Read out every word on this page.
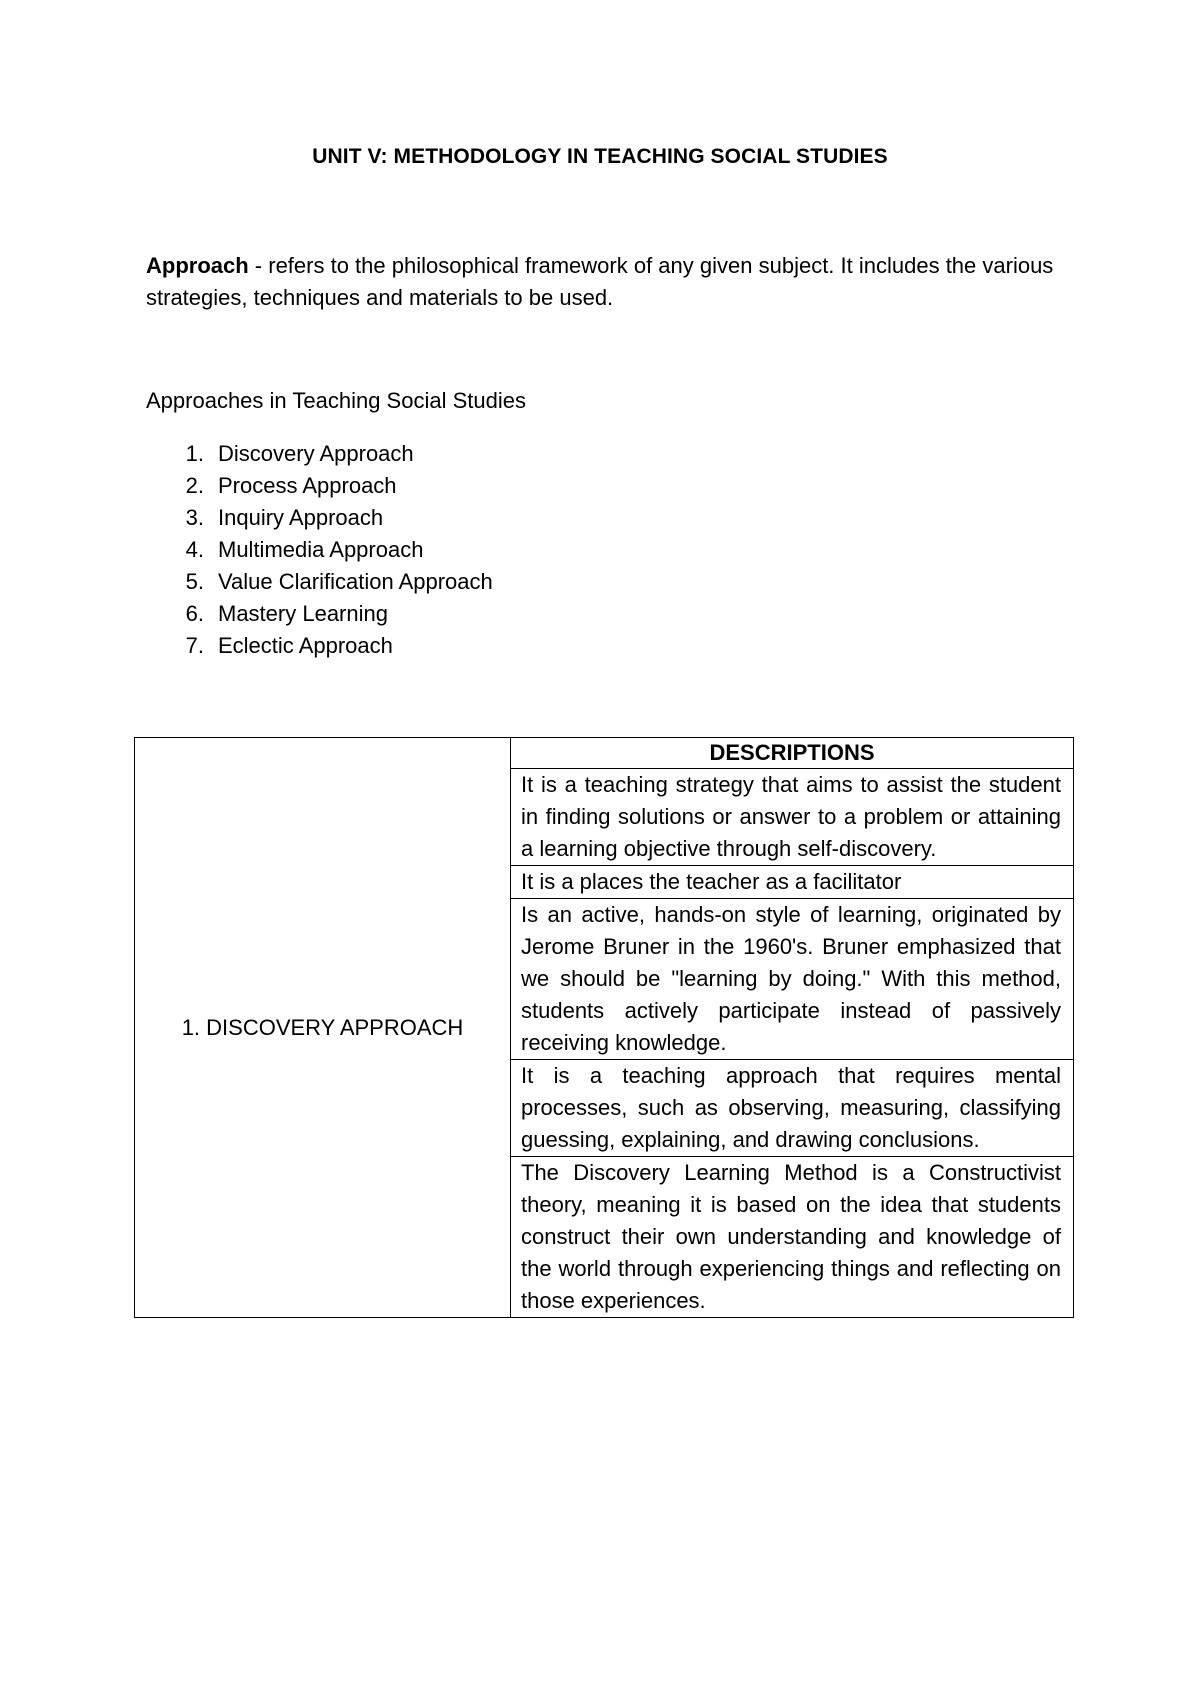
UNIT V: METHODOLOGY IN TEACHING SOCIAL STUDIES
Approach - refers to the philosophical framework of any given subject. It includes the various strategies, techniques and materials to be used.
Approaches in Teaching Social Studies
1. Discovery Approach
2. Process Approach
3. Inquiry Approach
4. Multimedia Approach
5. Value Clarification Approach
6. Mastery Learning
7. Eclectic Approach
1. DISCOVERY APPROACH	DESCRIPTIONS
It is a teaching strategy that aims to assist the student in finding solutions or answer to a problem or attaining a learning objective through self-discovery.
It is a places the teacher as a facilitator
Is an active, hands-on style of learning, originated by Jerome Bruner in the 1960's. Bruner emphasized that we should be "learning by doing." With this method, students actively participate instead of passively receiving knowledge.
It is a teaching approach that requires mental processes, such as observing, measuring, classifying guessing, explaining, and drawing conclusions.
The Discovery Learning Method is a Constructivist theory, meaning it is based on the idea that students construct their own understanding and knowledge of the world through experiencing things and reflecting on those experiences.
